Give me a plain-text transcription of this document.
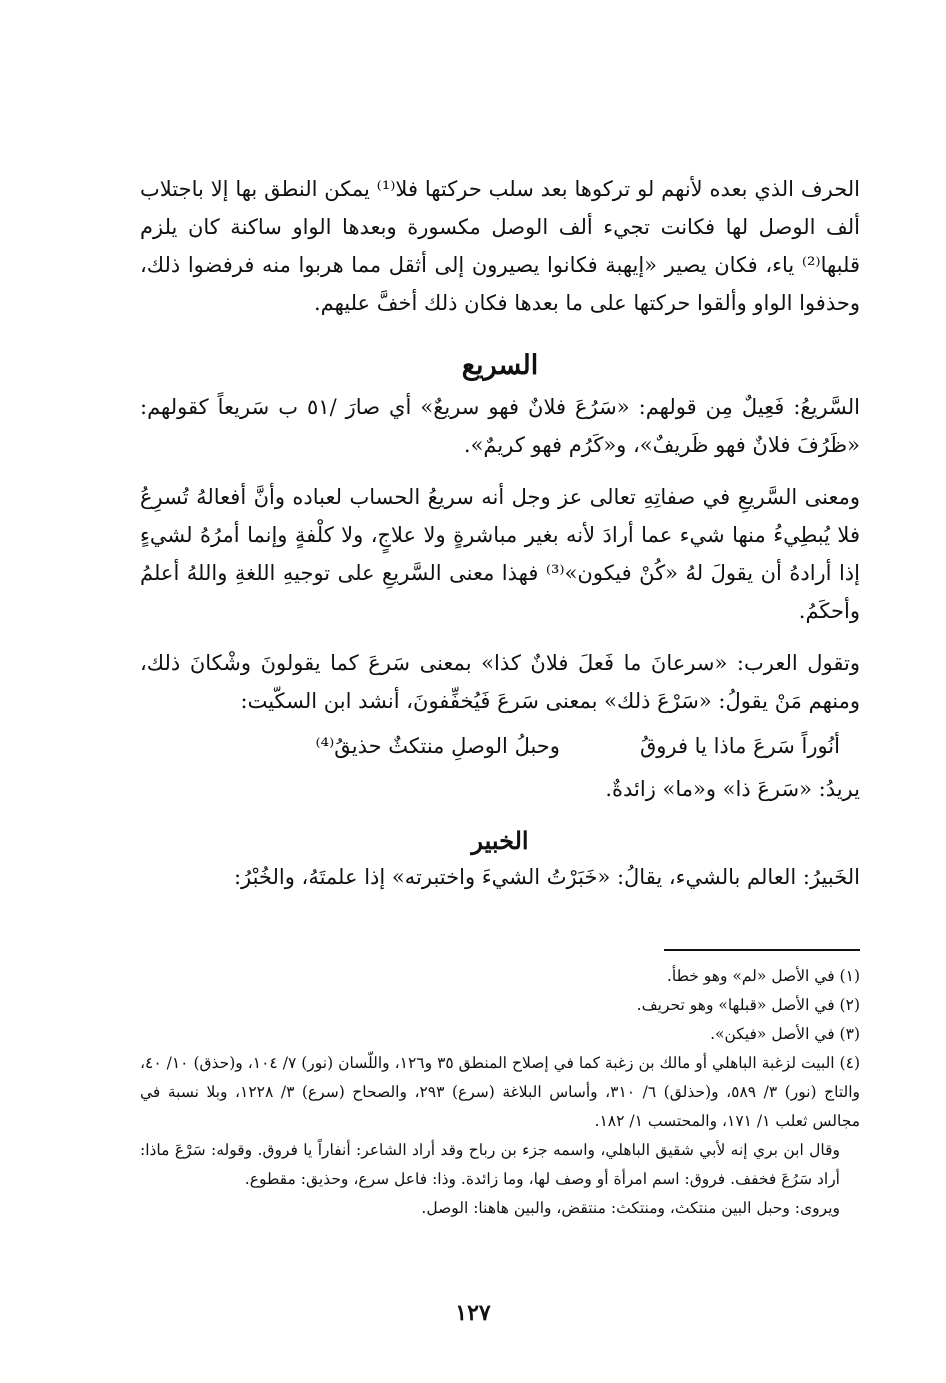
الحرف الذي بعده لأنهم لو تركوها بعد سلب حركتها فلا⁽¹⁾ يمكن النطق بها إلا باجتلاب ألف الوصل لها فكانت تجيء ألف الوصل مكسورة وبعدها الواو ساكنة كان يلزم قلبها⁽²⁾ ياء، فكان يصير «إيهبة فكانوا يصيرون إلى أثقل مما هربوا منه فرفضوا ذلك، وحذفوا الواو وألقوا حركتها على ما بعدها فكان ذلك أخفَّ عليهم.

السريع

السَّريعُ: فَعِيلٌ مِن قولهم: «سَرُعَ فلانٌ فهو سريعٌ» أي صارَ /٥١ ب سَريعاً كقولهم: «ظَرُفَ فلانٌ فهو ظَريفٌ»، و«كَرُم فهو كريمٌ».

ومعنى السَّريعِ في صفاتِهِ تعالى عز وجل أنه سريعُ الحساب لعباده وأنَّ أفعالهُ تُسرِعُ فلا يُبطِيءُ منها شيء عما أرادَ لأنه بغير مباشرةٍ ولا علاجٍ، ولا كلْفةٍ وإنما أمرُهُ لشيءٍ إذا أرادهُ أن يقولَ لهُ «كُنْ فيكون»⁽³⁾ فهذا معنى السَّريعِ على توجيهِ اللغةِ واللهُ أعلمُ وأحكَمُ.

وتقول العرب: «سرعانَ ما فَعلَ فلانٌ كذا» بمعنى سَرعَ كما يقولونَ وشْكانَ ذلك، ومنهم مَنْ يقولُ: «سَرْعَ ذلك» بمعنى سَرعَ فَيُخفِّفونَ، أنشد ابن السكّيت:

أنُوراً سَرعَ ماذا يا فروقُ
وحبلُ الوصلِ منتكثٌ حذيقُ⁽⁴⁾

يريدُ: «سَرعَ ذا» و«ما» زائدةٌ.

الخبير

الخَبيرُ: العالم بالشيء، يقالُ: «خَبَرْتُ الشيءَ واختبرته» إذا علمتَهُ، والخُبْرُ:

(١) في الأصل «لم» وهو خطأ.

(٢) في الأصل «قبلها» وهو تحريف.

(٣) في الأصل «فيكن».

(٤) البيت لزغبة الباهلي أو مالك بن زغبة كما في إصلاح المنطق ٣٥ و١٢٦، واللّسان (نور) ٧/ ١٠٤، و(حذق) ١٠/ ٤٠، والتاج (نور) ٣/ ٥٨٩، و(حذلق) ٦/ ٣١٠، وأساس البلاغة (سرع) ٢٩٣، والصحاح (سرع) ٣/ ١٢٢٨، وبلا نسبة في مجالس ثعلب ١/ ١٧١، والمحتسب ١/ ١٨٢.

وقال ابن بري إنه لأبي شقيق الباهلي، واسمه جزء بن رباح وقد أراد الشاعر: أنفاراً يا فروق. وقوله: سَرْعَ ماذا: أراد سَرُعَ فخفف. فروق: اسم امرأة أو وصف لها، وما زائدة. وذا: فاعل سرع، وحذيق: مقطوع.

ويروى: وحبل البين منتكث، ومنتكث: منتقض، والبين هاهنا: الوصل.

١٢٧
